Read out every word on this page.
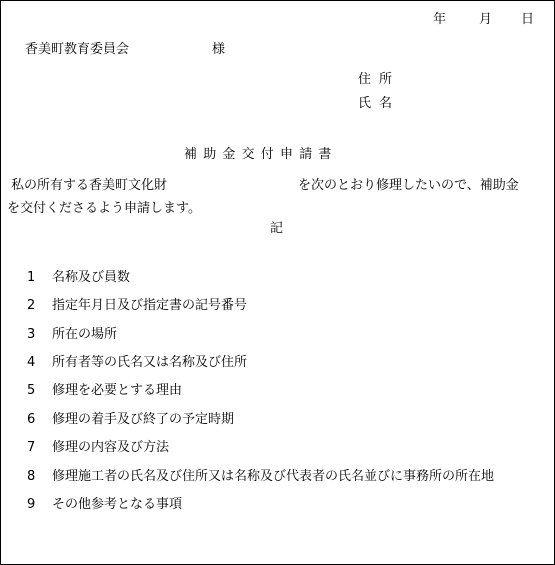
年	月 日
香美町教育委員会	様
住所
氏名
補助金交付申請書
私の所有する香美町文化財	を次のとおり修理したいので、補助金
を交付くださるよう申請します。
記
1 名称及び員数
2 指定年月日及び指定書の記号番号
3 所在の場所
4 所有者等の氏名又は名称及び住所
5 修理を必要とする理由
6 修理の着手及び終了の予定時期
7 修理の内容及び方法
8 修理施工者の氏名及び住所又は名称及び代表者の氏名並びに事務所の所在地
9 その他参考となる事項
